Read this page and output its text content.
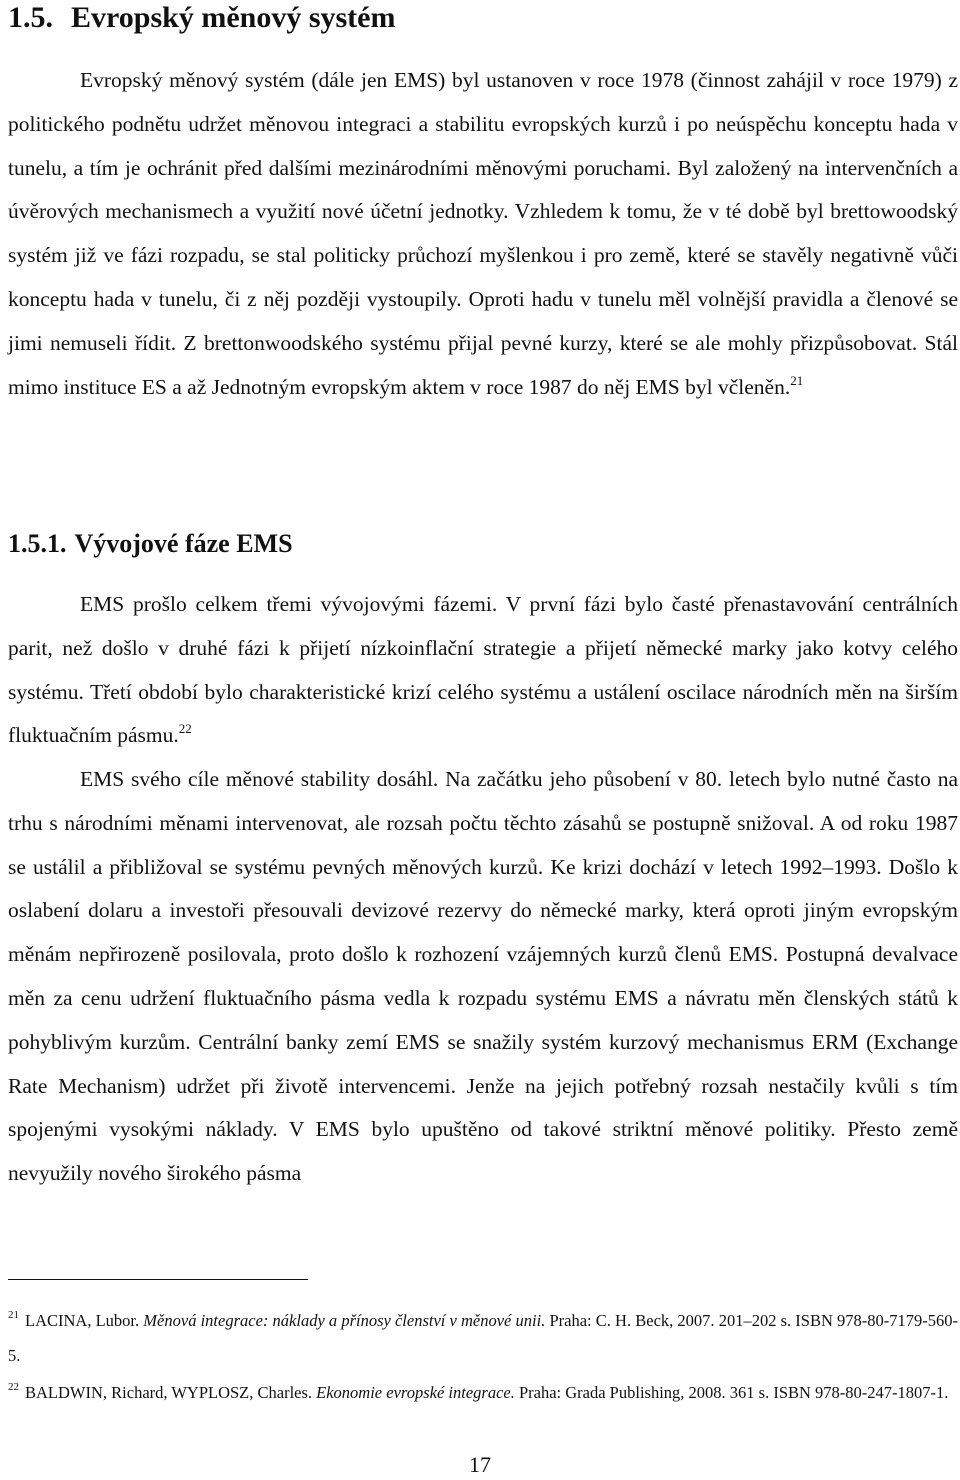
1.5. Evropský měnový systém

Evropský měnový systém (dále jen EMS) byl ustanoven v roce 1978 (činnost zahájil v roce 1979) z politického podnětu udržet měnovou integraci a stabilitu evropských kurzů i po neúspěchu konceptu hada v tunelu, a tím je ochránit před dalšími mezinárodními měnovými poruchami. Byl založený na intervenčních a úvěrových mechanismech a využití nové účetní jednotky. Vzhledem k tomu, že v té době byl brettowoodský systém již ve fázi rozpadu, se stal politicky průchozí myšlenkou i pro země, které se stavěly negativně vůči konceptu hada v tunelu, či z něj později vystoupily. Oproti hadu v tunelu měl volnější pravidla a členové se jimi nemuseli řídit. Z brettonwoodského systému přijal pevné kurzy, které se ale mohly přizpůsobovat. Stál mimo instituce ES a až Jednotným evropským aktem v roce 1987 do něj EMS byl včleněn.$^{21}$

1.5.1. Vývojové fáze EMS

EMS prošlo celkem třemi vývojovými fázemi. V první fázi bylo časté přenastavování centrálních parit, než došlo v druhé fázi k přijetí nízkoinflační strategie a přijetí německé marky jako kotvy celého systému. Třetí období bylo charakteristické krizí celého systému a ustálení oscilace národních měn na širším fluktuačním pásmu.$^{22}$

EMS svého cíle měnové stability dosáhl. Na začátku jeho působení v 80. letech bylo nutné často na trhu s národními měnami intervenovat, ale rozsah počtu těchto zásahů se postupně snižoval. A od roku 1987 se ustálil a přibližoval se systému pevných měnových kurzů. Ke krizi dochází v letech 1992–1993. Došlo k oslabení dolaru a investoři přesouvali devizové rezervy do německé marky, která oproti jiným evropským měnám nepřirozeně posilovala, proto došlo k rozhození vzájemných kurzů členů EMS. Postupná devalvace měn za cenu udržení fluktuačního pásma vedla k rozpadu systému EMS a návratu měn členských států k pohyblivým kurzům. Centrální banky zemí EMS se snažily systém kurzový mechanismus ERM (Exchange Rate Mechanism) udržet při životě intervencemi. Jenže na jejich potřebný rozsah nestačily kvůli s tím spojenými vysokými náklady. V EMS bylo upuštěno od takové striktní měnové politiky. Přesto země nevyužily nového širokého pásma

$^{21}$ LACINA, Lubor. Měnová integrace: náklady a přínosy členství v měnové unii. Praha: C. H. Beck, 2007. 201–202 s. ISBN 978-80-7179-560-5.

$^{22}$ BALDWIN, Richard, WYPLOSZ, Charles. Ekonomie evropské integrace. Praha: Grada Publishing, 2008. 361 s. ISBN 978-80-247-1807-1.

17
